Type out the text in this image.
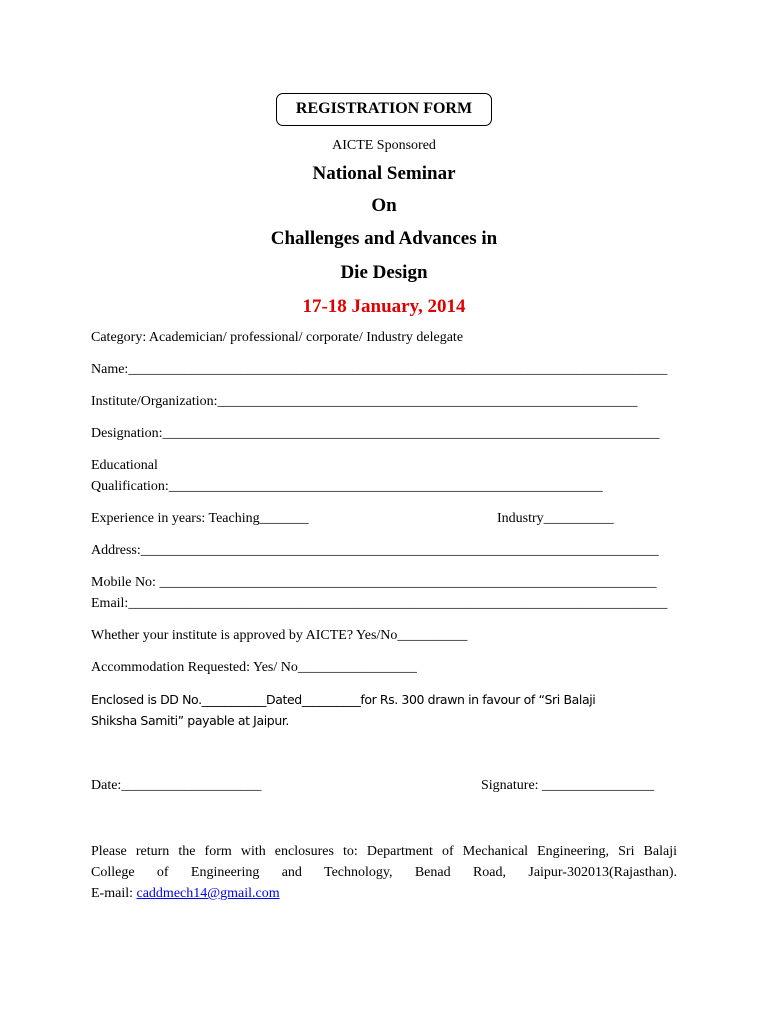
REGISTRATION FORM
AICTE Sponsored
National Seminar
On
Challenges and Advances in
Die Design
17-18 January, 2014
Category: Academician/ professional/ corporate/ Industry delegate
Name:_____________________________________________________________________________
Institute/Organization:____________________________________________________________
Designation:_______________________________________________________________________
Educational
Qualification:______________________________________________________________
Experience in years: Teaching_______	Industry__________
Address:__________________________________________________________________________
Mobile No: _______________________________________________________________________
Email:_____________________________________________________________________________
Whether your institute is approved by AICTE? Yes/No__________
Accommodation Requested: Yes/ No_________________
Enclosed is DD No.___________Dated__________for Rs. 300 drawn in favour of “Sri Balaji
Shiksha Samiti” payable at Jaipur.
Date:____________________	Signature: ________________
Please return the form with enclosures to: Department of Mechanical Engineering, Sri Balaji
College of Engineering and Technology, Benad Road, Jaipur-302013(Rajasthan).
E-mail: caddmech14@gmail.com
